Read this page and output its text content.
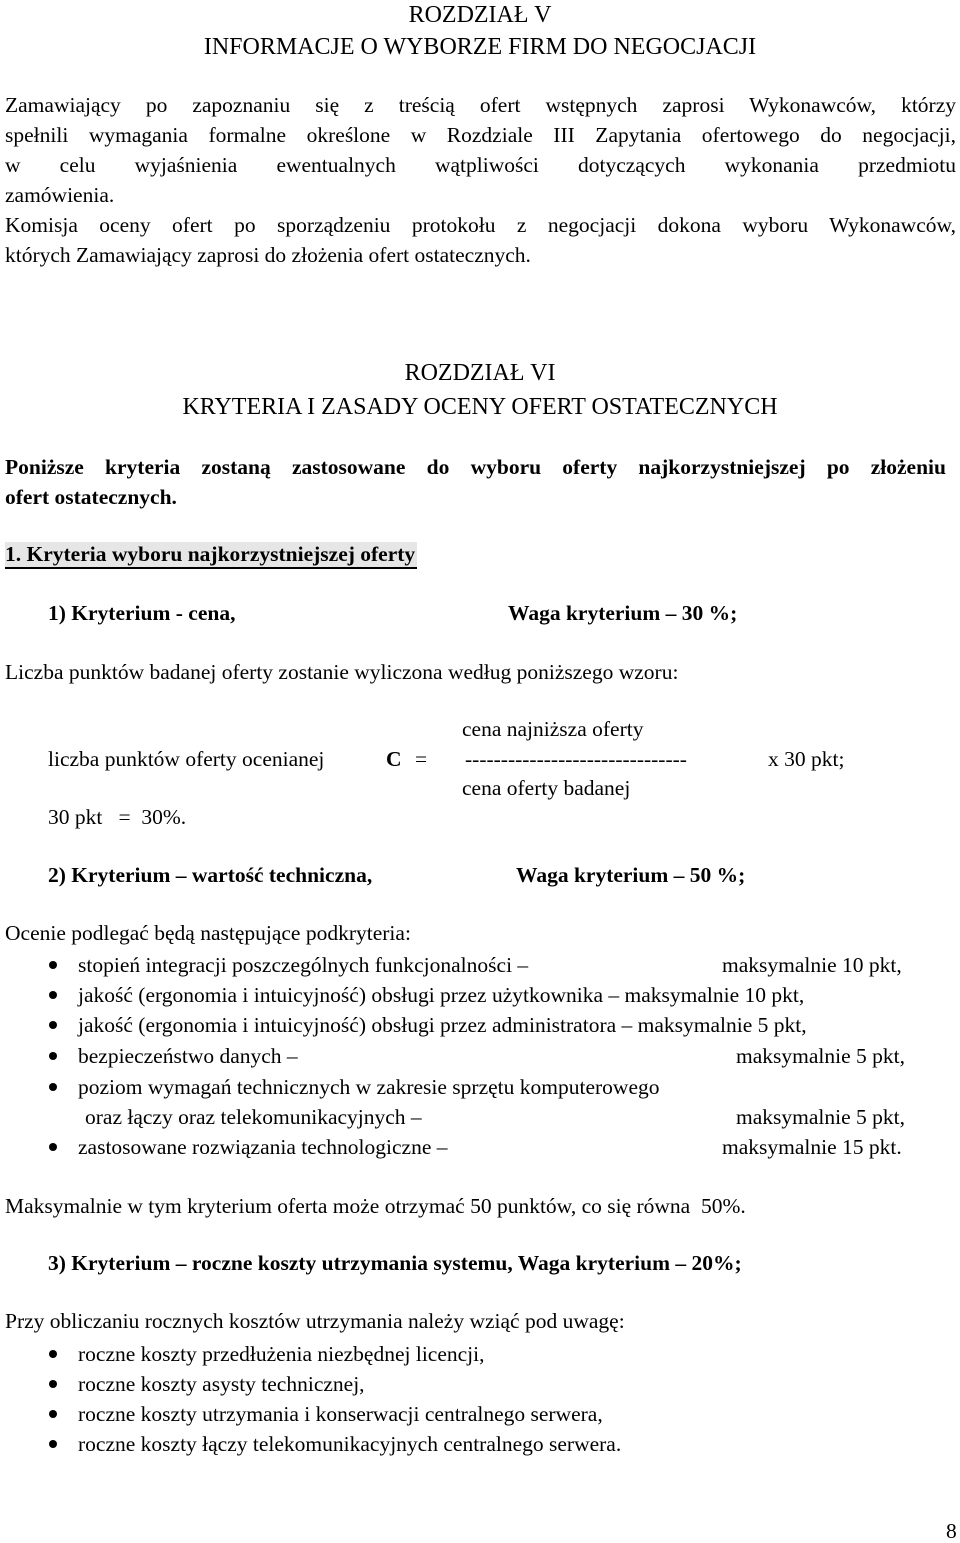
ROZDZIAŁ V
INFORMACJE O WYBORZE FIRM DO NEGOCJACJI
Zamawiający po zapoznaniu się z treścią ofert wstępnych zaprosi Wykonawców, którzy
spełnili wymagania formalne określone w Rozdziale III Zapytania ofertowego do negocjacji,
w celu wyjaśnienia ewentualnych wątpliwości dotyczących wykonania przedmiotu
zamówienia.
Komisja oceny ofert po sporządzeniu protokołu z negocjacji dokona wyboru Wykonawców,
których Zamawiający zaprosi do złożenia ofert ostatecznych.
ROZDZIAŁ VI
KRYTERIA I ZASADY OCENY OFERT OSTATECZNYCH
Poniższe kryteria zostaną zastosowane do wyboru oferty najkorzystniejszej po złożeniu
ofert ostatecznych.
1. Kryteria wyboru najkorzystniejszej oferty
1) Kryterium - cena,	Waga kryterium – 30 %;
Liczba punktów badanej oferty zostanie wyliczona według poniższego wzoru:
cena najniższa oferty
liczba punktów oferty ocenianej	C = -------------------------------	x 30 pkt;
cena oferty badanej
30 pkt   =  30%.
2) Kryterium – wartość techniczna,	Waga kryterium – 50 %;
Ocenie podlegać będą następujące podkryteria:
stopień integracji poszczególnych funkcjonalności –	maksymalnie 10 pkt,
jakość (ergonomia i intuicyjność) obsługi przez użytkownika – maksymalnie 10 pkt,
jakość (ergonomia i intuicyjność) obsługi przez administratora – maksymalnie 5 pkt,
bezpieczeństwo danych –	maksymalnie 5 pkt,
poziom wymagań technicznych w zakresie sprzętu komputerowego
oraz łączy oraz telekomunikacyjnych –	maksymalnie 5 pkt,
zastosowane rozwiązania technologiczne –	maksymalnie 15 pkt.
Maksymalnie w tym kryterium oferta może otrzymać 50 punktów, co się równa  50%.
3) Kryterium – roczne koszty utrzymania systemu, Waga kryterium – 20%;
Przy obliczaniu rocznych kosztów utrzymania należy wziąć pod uwagę:
roczne koszty przedłużenia niezbędnej licencji,
roczne koszty asysty technicznej,
roczne koszty utrzymania i konserwacji centralnego serwera,
roczne koszty łączy telekomunikacyjnych centralnego serwera.
8
